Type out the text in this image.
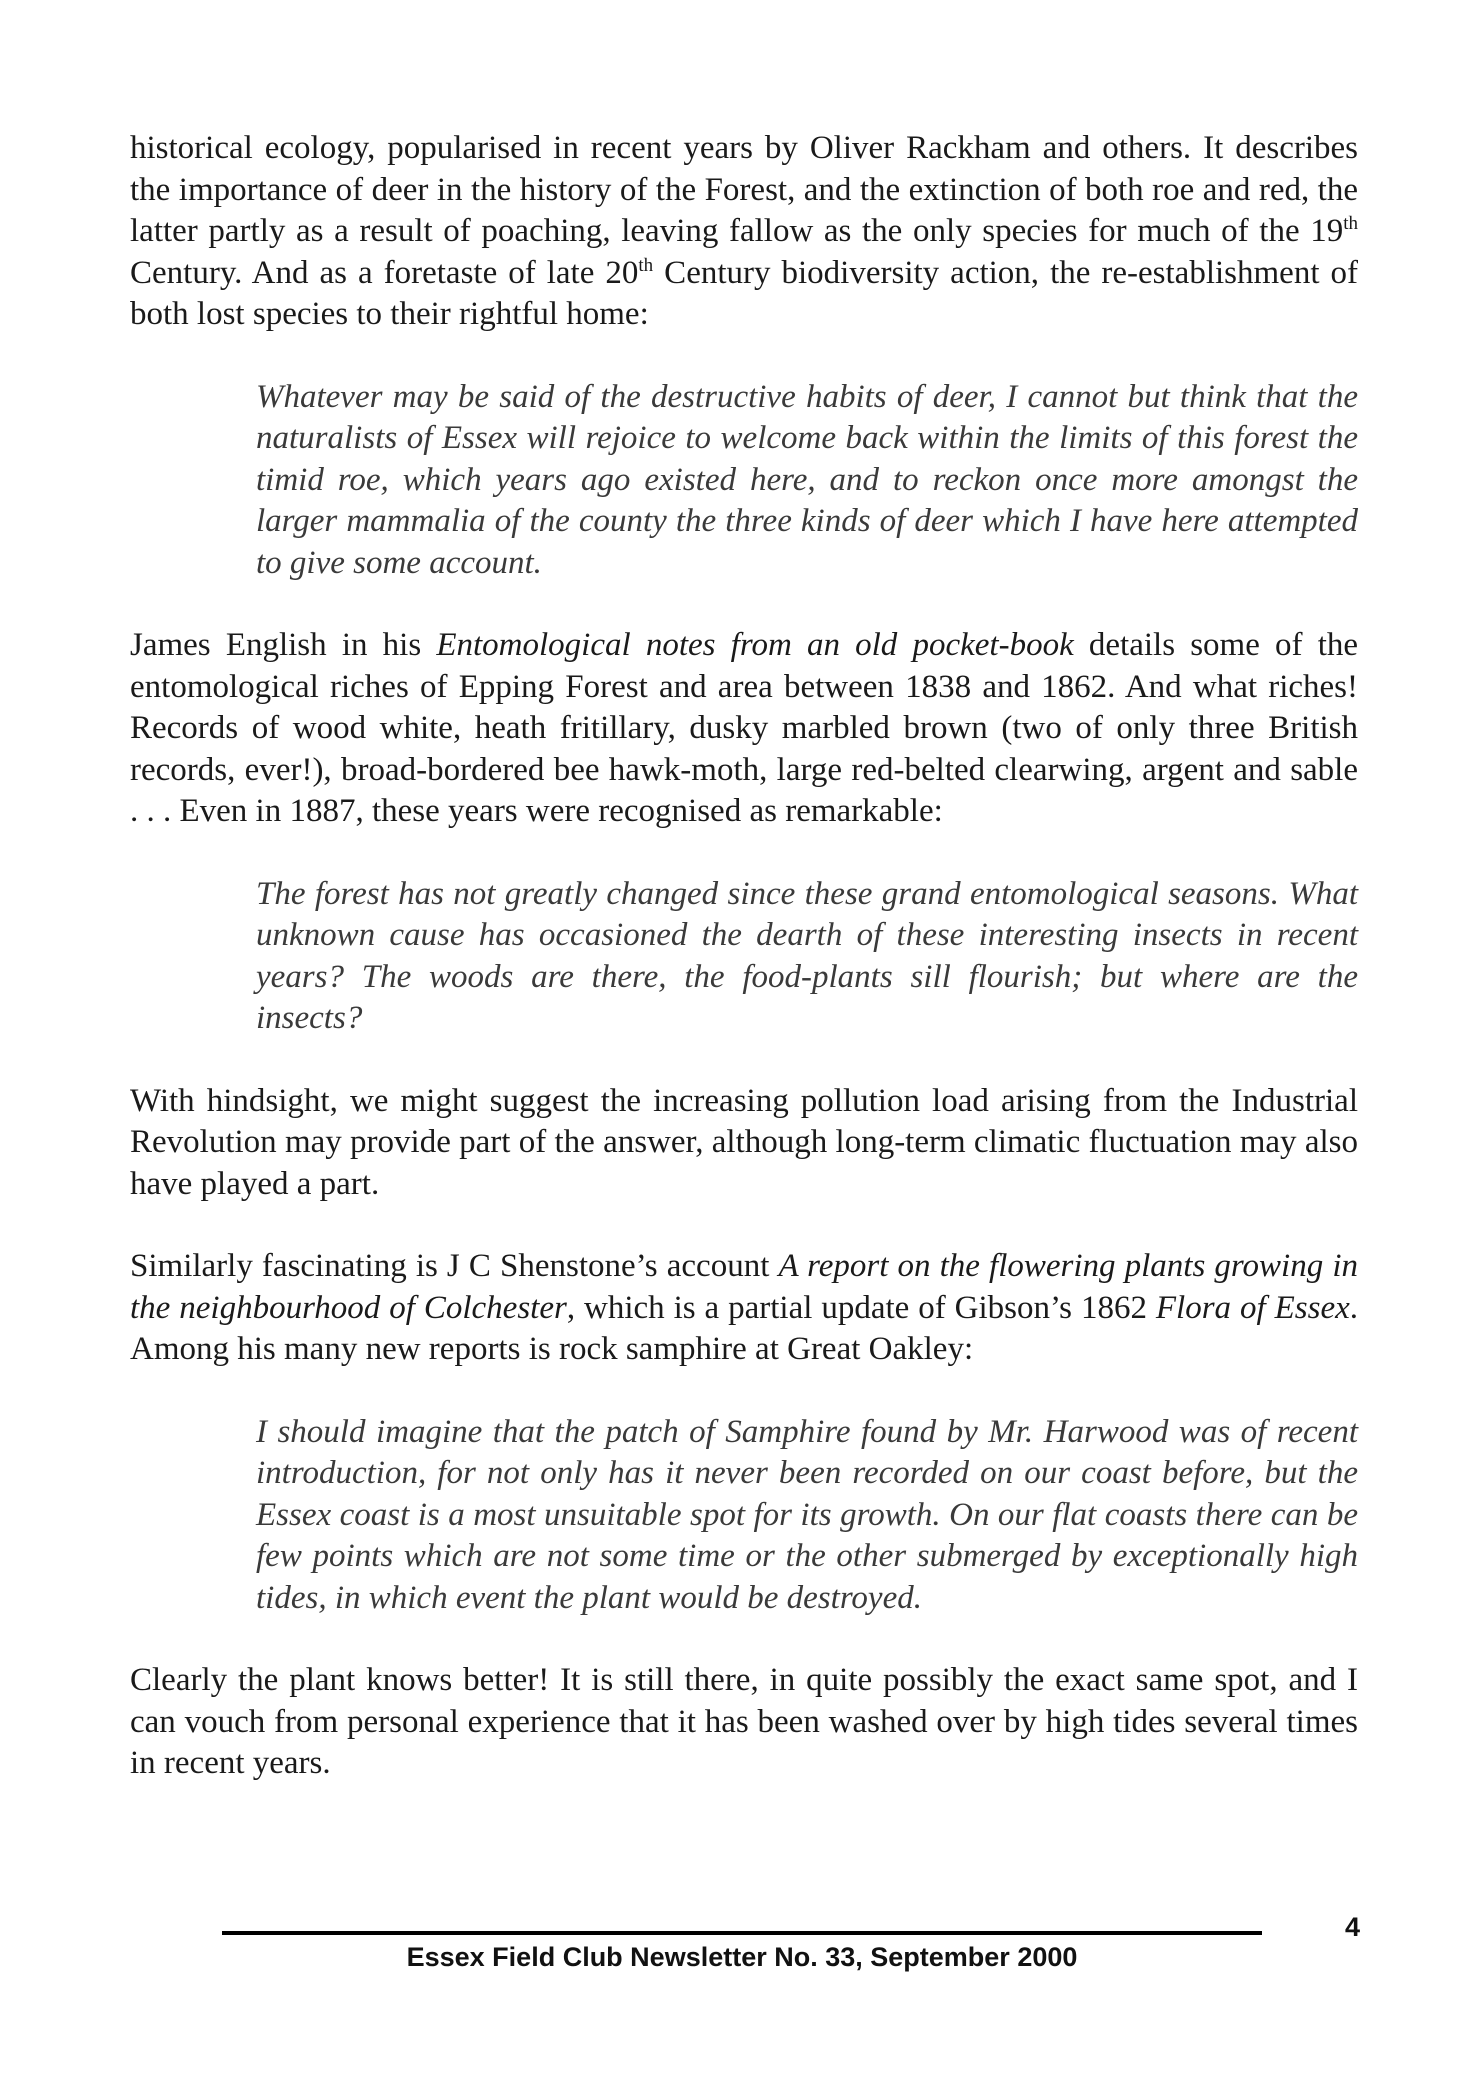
historical ecology, popularised in recent years by Oliver Rackham and others. It describes the importance of deer in the history of the Forest, and the extinction of both roe and red, the latter partly as a result of poaching, leaving fallow as the only species for much of the 19th Century. And as a foretaste of late 20th Century biodiversity action, the re-establishment of both lost species to their rightful home:

Whatever may be said of the destructive habits of deer, I cannot but think that the naturalists of Essex will rejoice to welcome back within the limits of this forest the timid roe, which years ago existed here, and to reckon once more amongst the larger mammalia of the county the three kinds of deer which I have here attempted to give some account.

James English in his Entomological notes from an old pocket-book details some of the entomological riches of Epping Forest and area between 1838 and 1862. And what riches! Records of wood white, heath fritillary, dusky marbled brown (two of only three British records, ever!), broad-bordered bee hawk-moth, large red-belted clearwing, argent and sable . . . Even in 1887, these years were recognised as remarkable:

The forest has not greatly changed since these grand entomological seasons. What unknown cause has occasioned the dearth of these interesting insects in recent years? The woods are there, the food-plants sill flourish; but where are the insects?

With hindsight, we might suggest the increasing pollution load arising from the Industrial Revolution may provide part of the answer, although long-term climatic fluctuation may also have played a part.

Similarly fascinating is J C Shenstone’s account A report on the flowering plants growing in the neighbourhood of Colchester, which is a partial update of Gibson’s 1862 Flora of Essex. Among his many new reports is rock samphire at Great Oakley:

I should imagine that the patch of Samphire found by Mr. Harwood was of recent introduction, for not only has it never been recorded on our coast before, but the Essex coast is a most unsuitable spot for its growth. On our flat coasts there can be few points which are not some time or the other submerged by exceptionally high tides, in which event the plant would be destroyed.

Clearly the plant knows better! It is still there, in quite possibly the exact same spot, and I can vouch from personal experience that it has been washed over by high tides several times in recent years.

Essex Field Club Newsletter No. 33, September 2000
4
